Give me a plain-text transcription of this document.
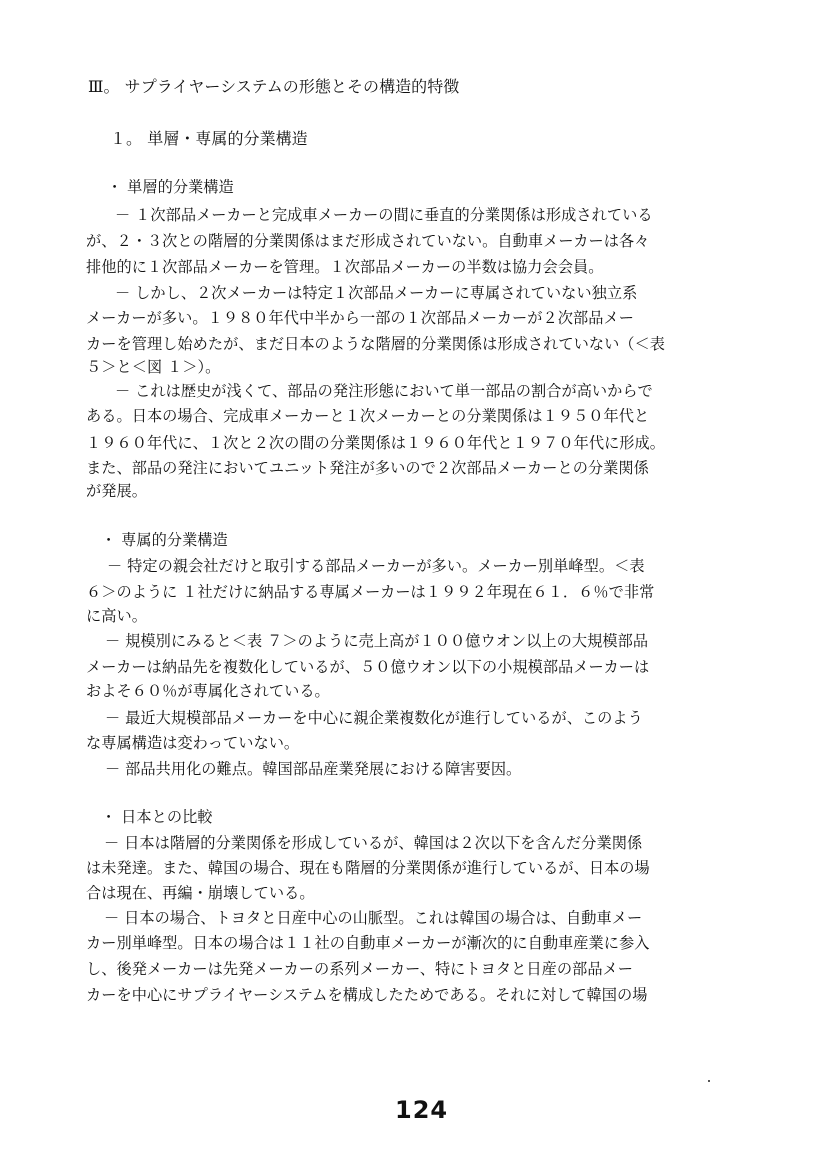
Ⅲ。 サプライヤーシステムの形態とその構造的特徴
１。 単層・専属的分業構造
・ 単層的分業構造
－ １次部品メーカーと完成車メーカーの間に垂直的分業関係は形成されている
が、２・３次との階層的分業関係はまだ形成されていない。自動車メーカーは各々
排他的に１次部品メーカーを管理。１次部品メーカーの半数は協力会会員。
－ しかし、２次メーカーは特定１次部品メーカーに専属されていない独立系
メーカーが多い。１９８０年代中半から一部の１次部品メーカーが２次部品メー
カーを管理し始めたが、まだ日本のような階層的分業関係は形成されていない（＜表
５＞と＜図 １＞）。
－ これは歴史が浅くて、部品の発注形態において単一部品の割合が高いからで
ある。日本の場合、完成車メーカーと１次メーカーとの分業関係は１９５０年代と
１９６０年代に、１次と２次の間の分業関係は１９６０年代と１９７０年代に形成。
また、部品の発注においてユニット発注が多いので２次部品メーカーとの分業関係
が発展。
・ 専属的分業構造
－ 特定の親会社だけと取引する部品メーカーが多い。メーカー別単峰型。＜表
６＞のように １社だけに納品する専属メーカーは１９９２年現在６１．６％で非常
に高い。
－ 規模別にみると＜表 ７＞のように売上高が１００億ウオン以上の大規模部品
メーカーは納品先を複数化しているが、５０億ウオン以下の小規模部品メーカーは
およそ６０％が専属化されている。
－ 最近大規模部品メーカーを中心に親企業複数化が進行しているが、このよう
な専属構造は変わっていない。
－ 部品共用化の難点。韓国部品産業発展における障害要因。
・ 日本との比較
－ 日本は階層的分業関係を形成しているが、韓国は２次以下を含んだ分業関係
は未発達。また、韓国の場合、現在も階層的分業関係が進行しているが、日本の場
合は現在、再編・崩壊している。
－ 日本の場合、トヨタと日産中心の山脈型。これは韓国の場合は、自動車メー
カー別単峰型。日本の場合は１１社の自動車メーカーが漸次的に自動車産業に参入
し、後発メーカーは先発メーカーの系列メーカー、特にトヨタと日産の部品メー
カーを中心にサプライヤーシステムを構成したためである。それに対して韓国の場
124
